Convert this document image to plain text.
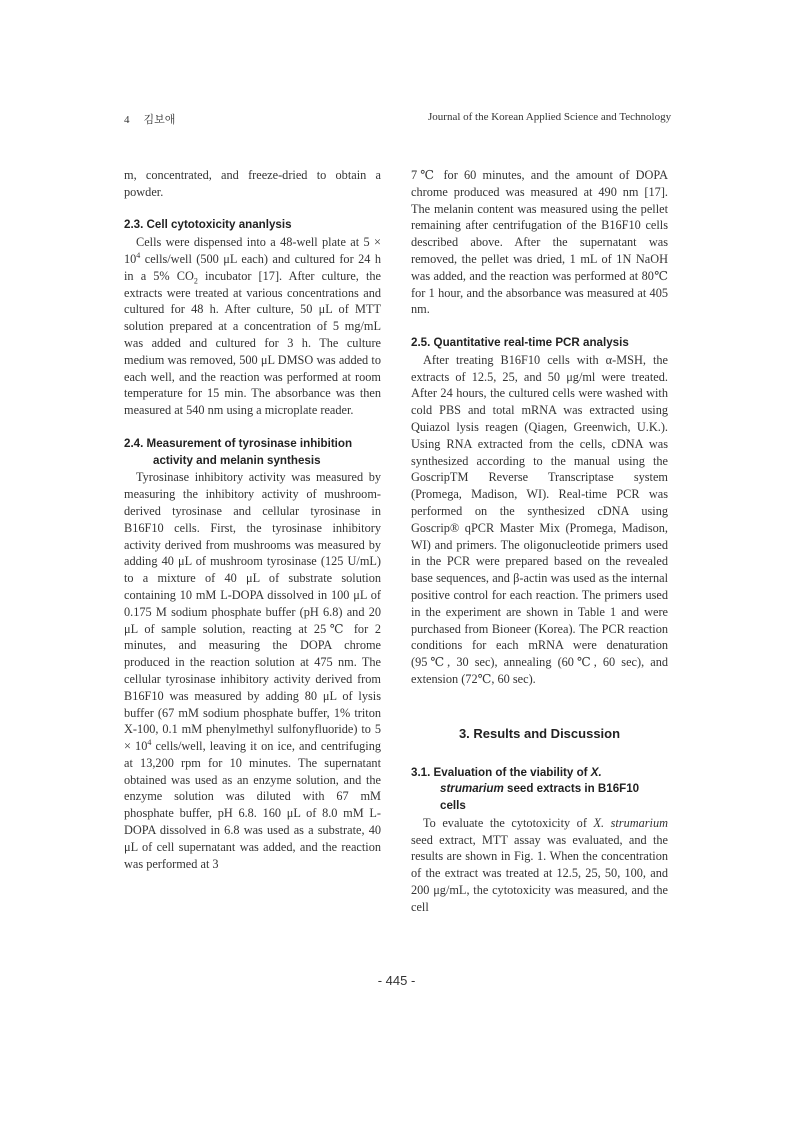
4 김보애	Journal of the Korean Applied Science and Technology

m, concentrated, and freeze-dried to obtain a powder.

2.3. Cell cytotoxicity ananlysis

Cells were dispensed into a 48-well plate at $5 \times 10^4$ cells/well (500 μL each) and cultured for 24 h in a 5% $CO_2$ incubator [17]. After culture, the extracts were treated at various concentrations and cultured for 48 h. After culture, 50 μL of MTT solution prepared at a concentration of 5 mg/mL was added and cultured for 3 h. The culture medium was removed, 500 μL DMSO was added to each well, and the reaction was performed at room temperature for 15 min. The absorbance was then measured at 540 nm using a microplate reader.

2.4. Measurement of tyrosinase inhibition activity and melanin synthesis

Tyrosinase inhibitory activity was measured by measuring the inhibitory activity of mushroom-derived tyrosinase and cellular tyrosinase in B16F10 cells. First, the tyrosinase inhibitory activity derived from mushrooms was measured by adding 40 μL of mushroom tyrosinase (125 U/mL) to a mixture of 40 μL of substrate solution containing 10 mM L-DOPA dissolved in 100 μL of 0.175 M sodium phosphate buffer (pH 6.8) and 20 μL of sample solution, reacting at 25℃ for 2 minutes, and measuring the DOPA chrome produced in the reaction solution at 475 nm. The cellular tyrosinase inhibitory activity derived from B16F10 was measured by adding 80 μL of lysis buffer (67 mM sodium phosphate buffer, 1% triton X-100, 0.1 mM phenylmethyl sulfonyfluoride) to $5 \times 10^4$ cells/well, leaving it on ice, and centrifuging at 13,200 rpm for 10 minutes. The supernatant obtained was used as an enzyme solution, and the enzyme solution was diluted with 67 mM phosphate buffer, pH 6.8. 160 μL of 8.0 mM L-DOPA dissolved in 6.8 was used as a substrate, 40 μL of cell supernatant was added, and the reaction was performed at 3

7℃ for 60 minutes, and the amount of DOPA chrome produced was measured at 490 nm [17]. The melanin content was measured using the pellet remaining after centrifugation of the B16F10 cells described above. After the supernatant was removed, the pellet was dried, 1 mL of 1N NaOH was added, and the reaction was performed at 80℃ for 1 hour, and the absorbance was measured at 405 nm.

2.5. Quantitative real-time PCR analysis

After treating B16F10 cells with α-MSH, the extracts of 12.5, 25, and 50 μg/ml were treated. After 24 hours, the cultured cells were washed with cold PBS and total mRNA was extracted using Quiazol lysis reagen (Qiagen, Greenwich, U.K.). Using RNA extracted from the cells, cDNA was synthesized according to the manual using the GoscripTM Reverse Transcriptase system (Promega, Madison, WI). Real-time PCR was performed on the synthesized cDNA using Goscrip® qPCR Master Mix (Promega, Madison, WI) and primers. The oligonucleotide primers used in the PCR were prepared based on the revealed base sequences, and β-actin was used as the internal positive control for each reaction. The primers used in the experiment are shown in Table 1 and were purchased from Bioneer (Korea). The PCR reaction conditions for each mRNA were denaturation (95℃, 30 sec), annealing (60℃, 60 sec), and extension (72℃, 60 sec).

3. Results and Discussion
3.1. Evaluation of the viability of X. strumarium seed extracts in B16F10 cells

To evaluate the cytotoxicity of X. strumarium seed extract, MTT assay was evaluated, and the results are shown in Fig. 1. When the concentration of the extract was treated at 12.5, 25, 50, 100, and 200 μg/mL, the cytotoxicity was measured, and the cell

- 445 -
